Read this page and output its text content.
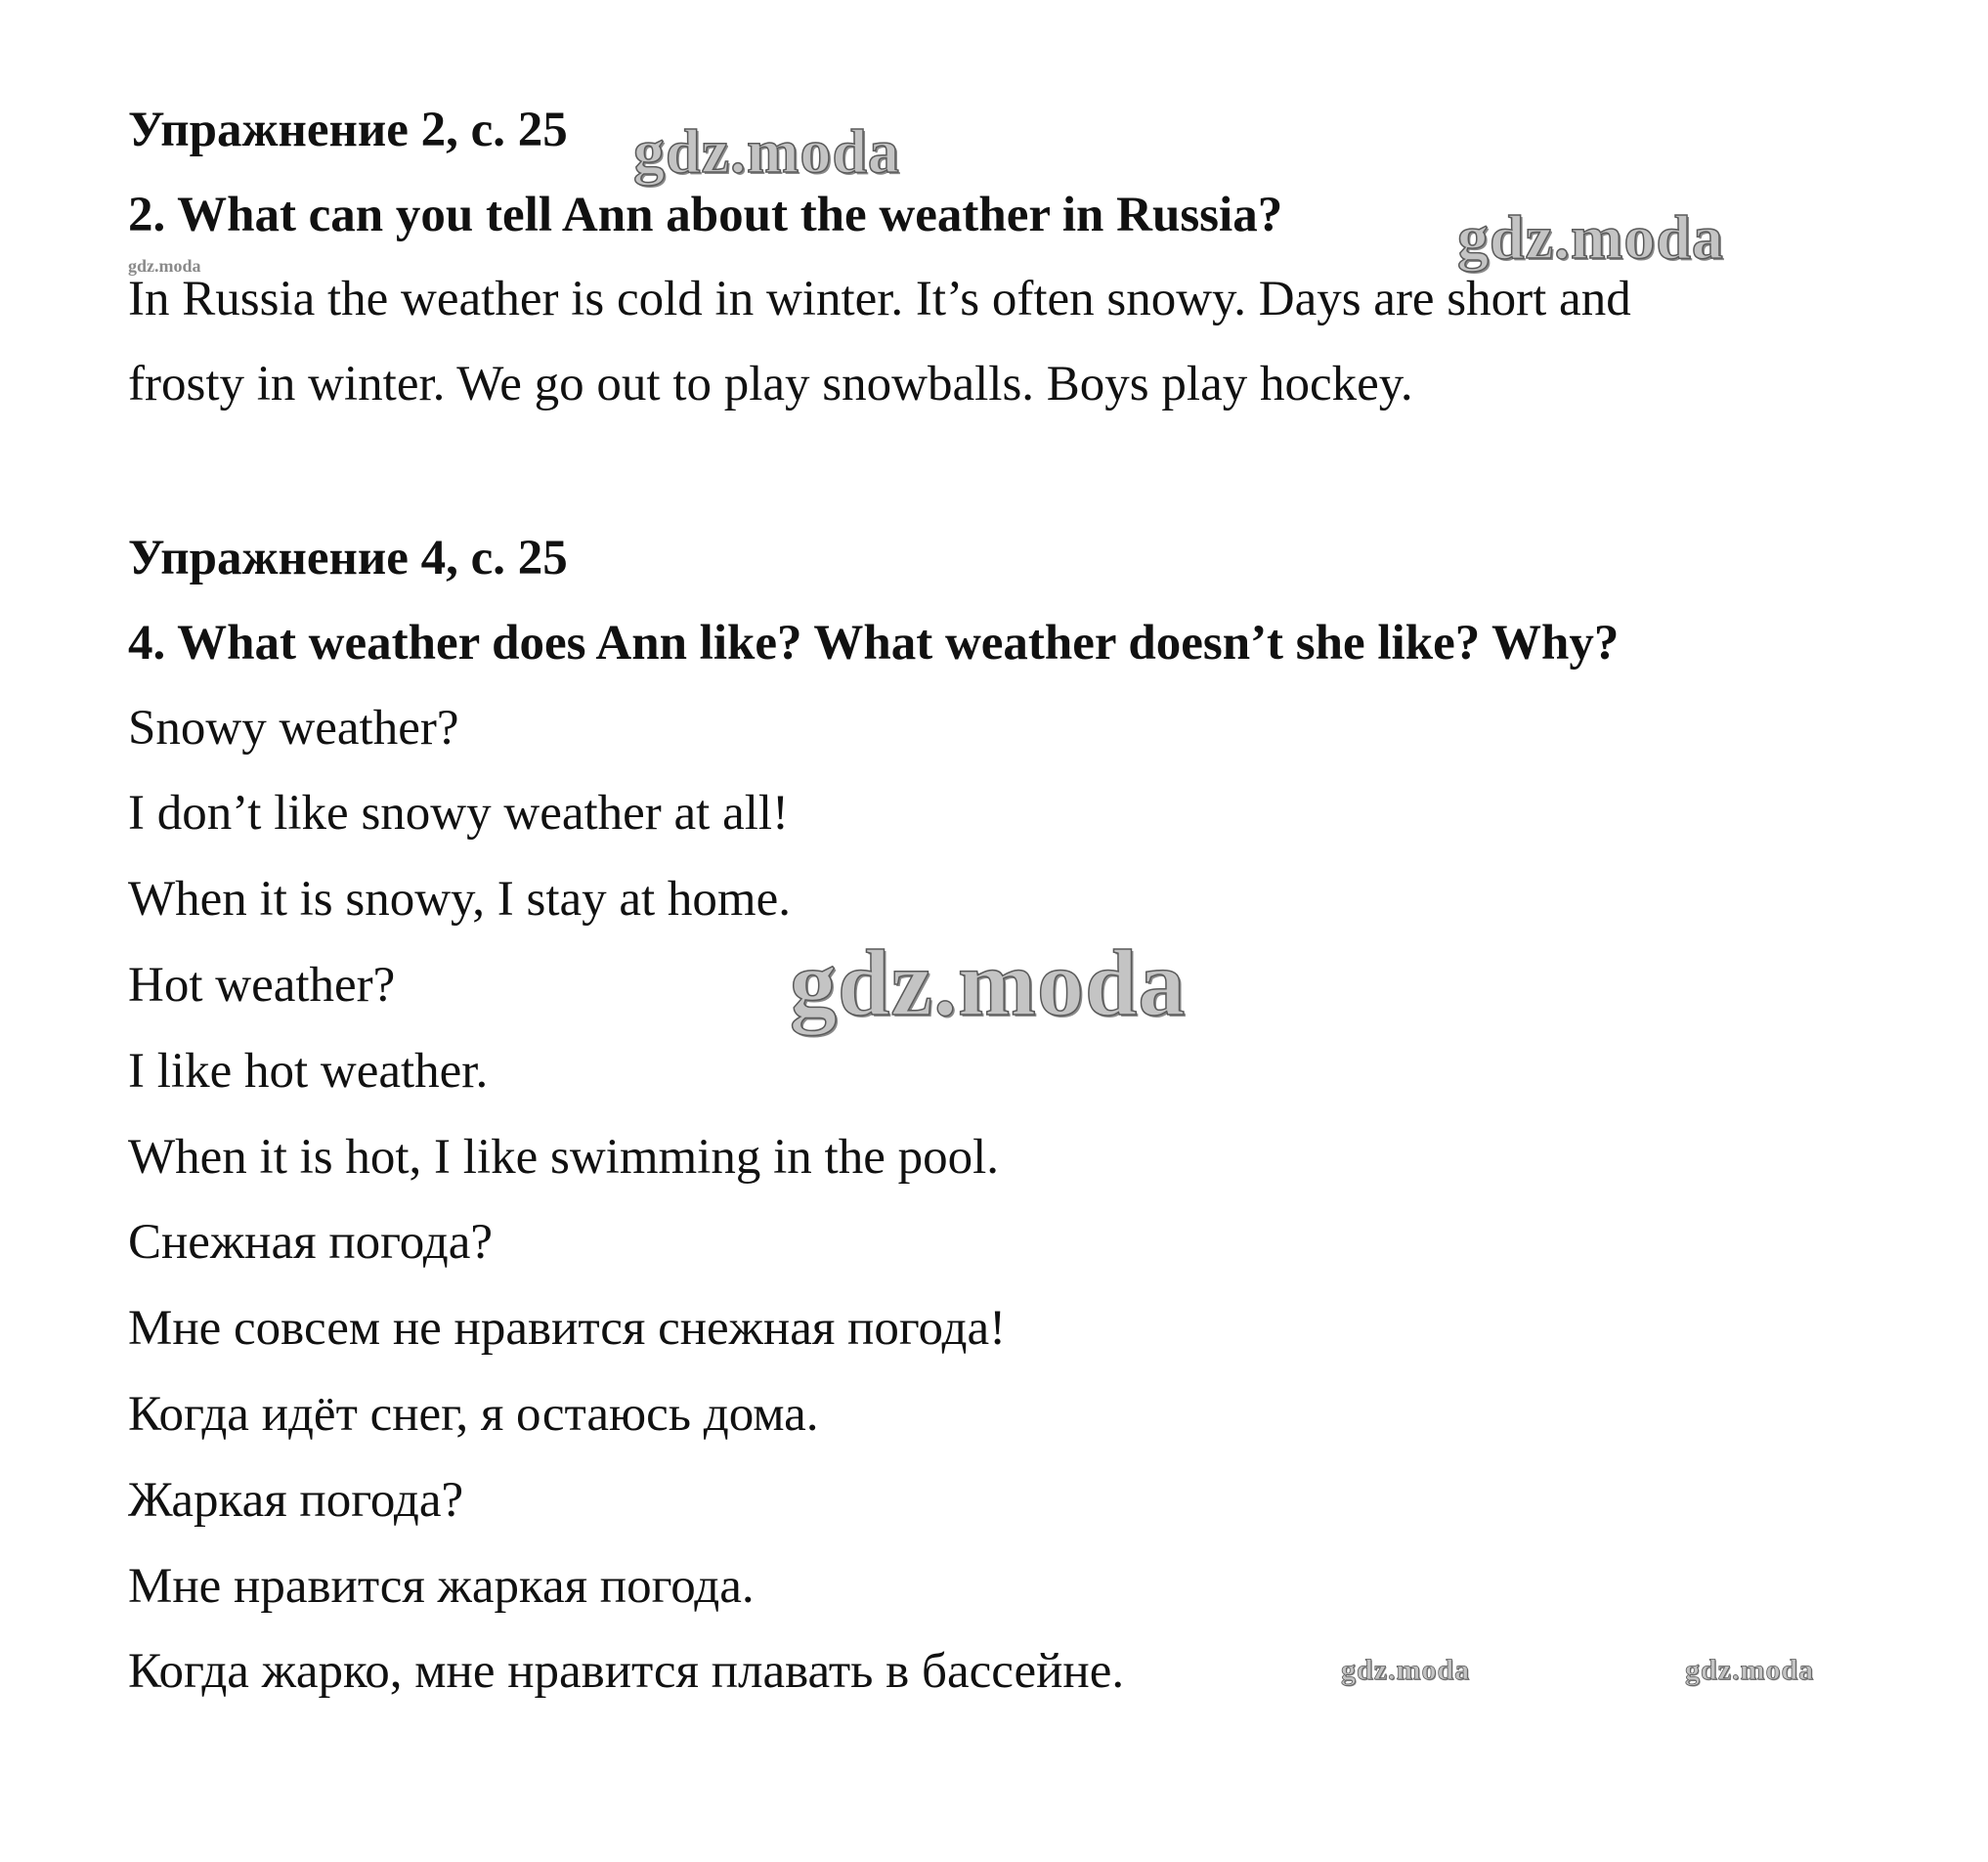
Упражнение 2, с. 25
2. What can you tell Ann about the weather in Russia?
In Russia the weather is cold in winter. It’s often snowy. Days are short and
frosty in winter. We go out to play snowballs. Boys play hockey.
Упражнение 4, с. 25
4. What weather does Ann like? What weather doesn’t she like? Why?
Snowy weather?
I don’t like snowy weather at all!
When it is snowy, I stay at home.
Hot weather?
I like hot weather.
When it is hot, I like swimming in the pool.
Снежная погода?
Мне совсем не нравится снежная погода!
Когда идёт снег, я остаюсь дома.
Жаркая погода?
Мне нравится жаркая погода.
Когда жарко, мне нравится плавать в бассейне.
gdz.moda
gdz.moda
gdz.moda
gdz.moda
gdz.moda	gdz.moda
